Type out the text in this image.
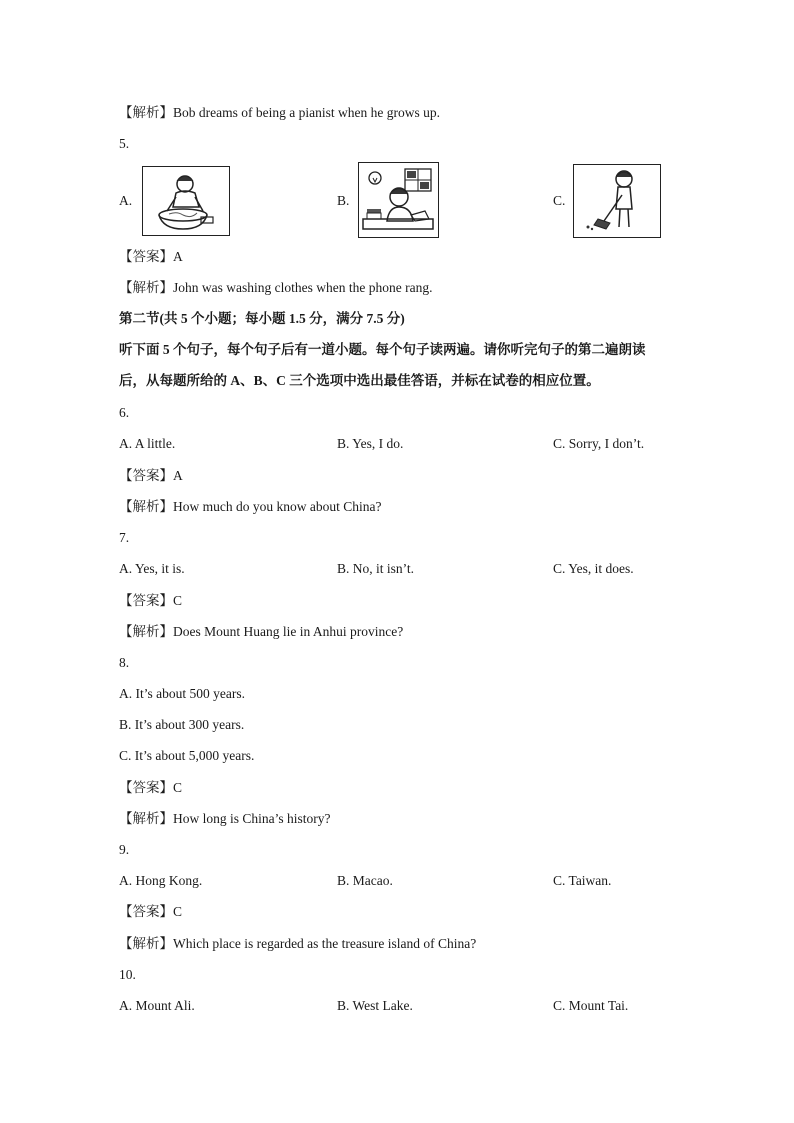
【解析】Bob dreams of being a pianist when he grows up.
5.
A.	B.	C.
【答案】A
【解析】John was washing clothes when the phone rang.
第二节(共 5 个小题；每小题 1.5 分，满分 7.5 分)
听下面 5 个句子，每个句子后有一道小题。每个句子读两遍。请你听完句子的第二遍朗读
后，从每题所给的 A、B、C 三个选项中选出最佳答语，并标在试卷的相应位置。
6.
A. A little.	B. Yes, I do.	C. Sorry, I don’t.
【答案】A
【解析】How much do you know about China?
7.
A. Yes, it is.	B. No, it isn’t.	C. Yes, it does.
【答案】C
【解析】Does Mount Huang lie in Anhui province?
8.
A. It’s about 500 years.
B. It’s about 300 years.
C. It’s about 5,000 years.
【答案】C
【解析】How long is China’s history?
9.
A. Hong Kong.	B. Macao.	C. Taiwan.
【答案】C
【解析】Which place is regarded as the treasure island of China?
10.
A. Mount Ali.	B. West Lake.	C. Mount Tai.
